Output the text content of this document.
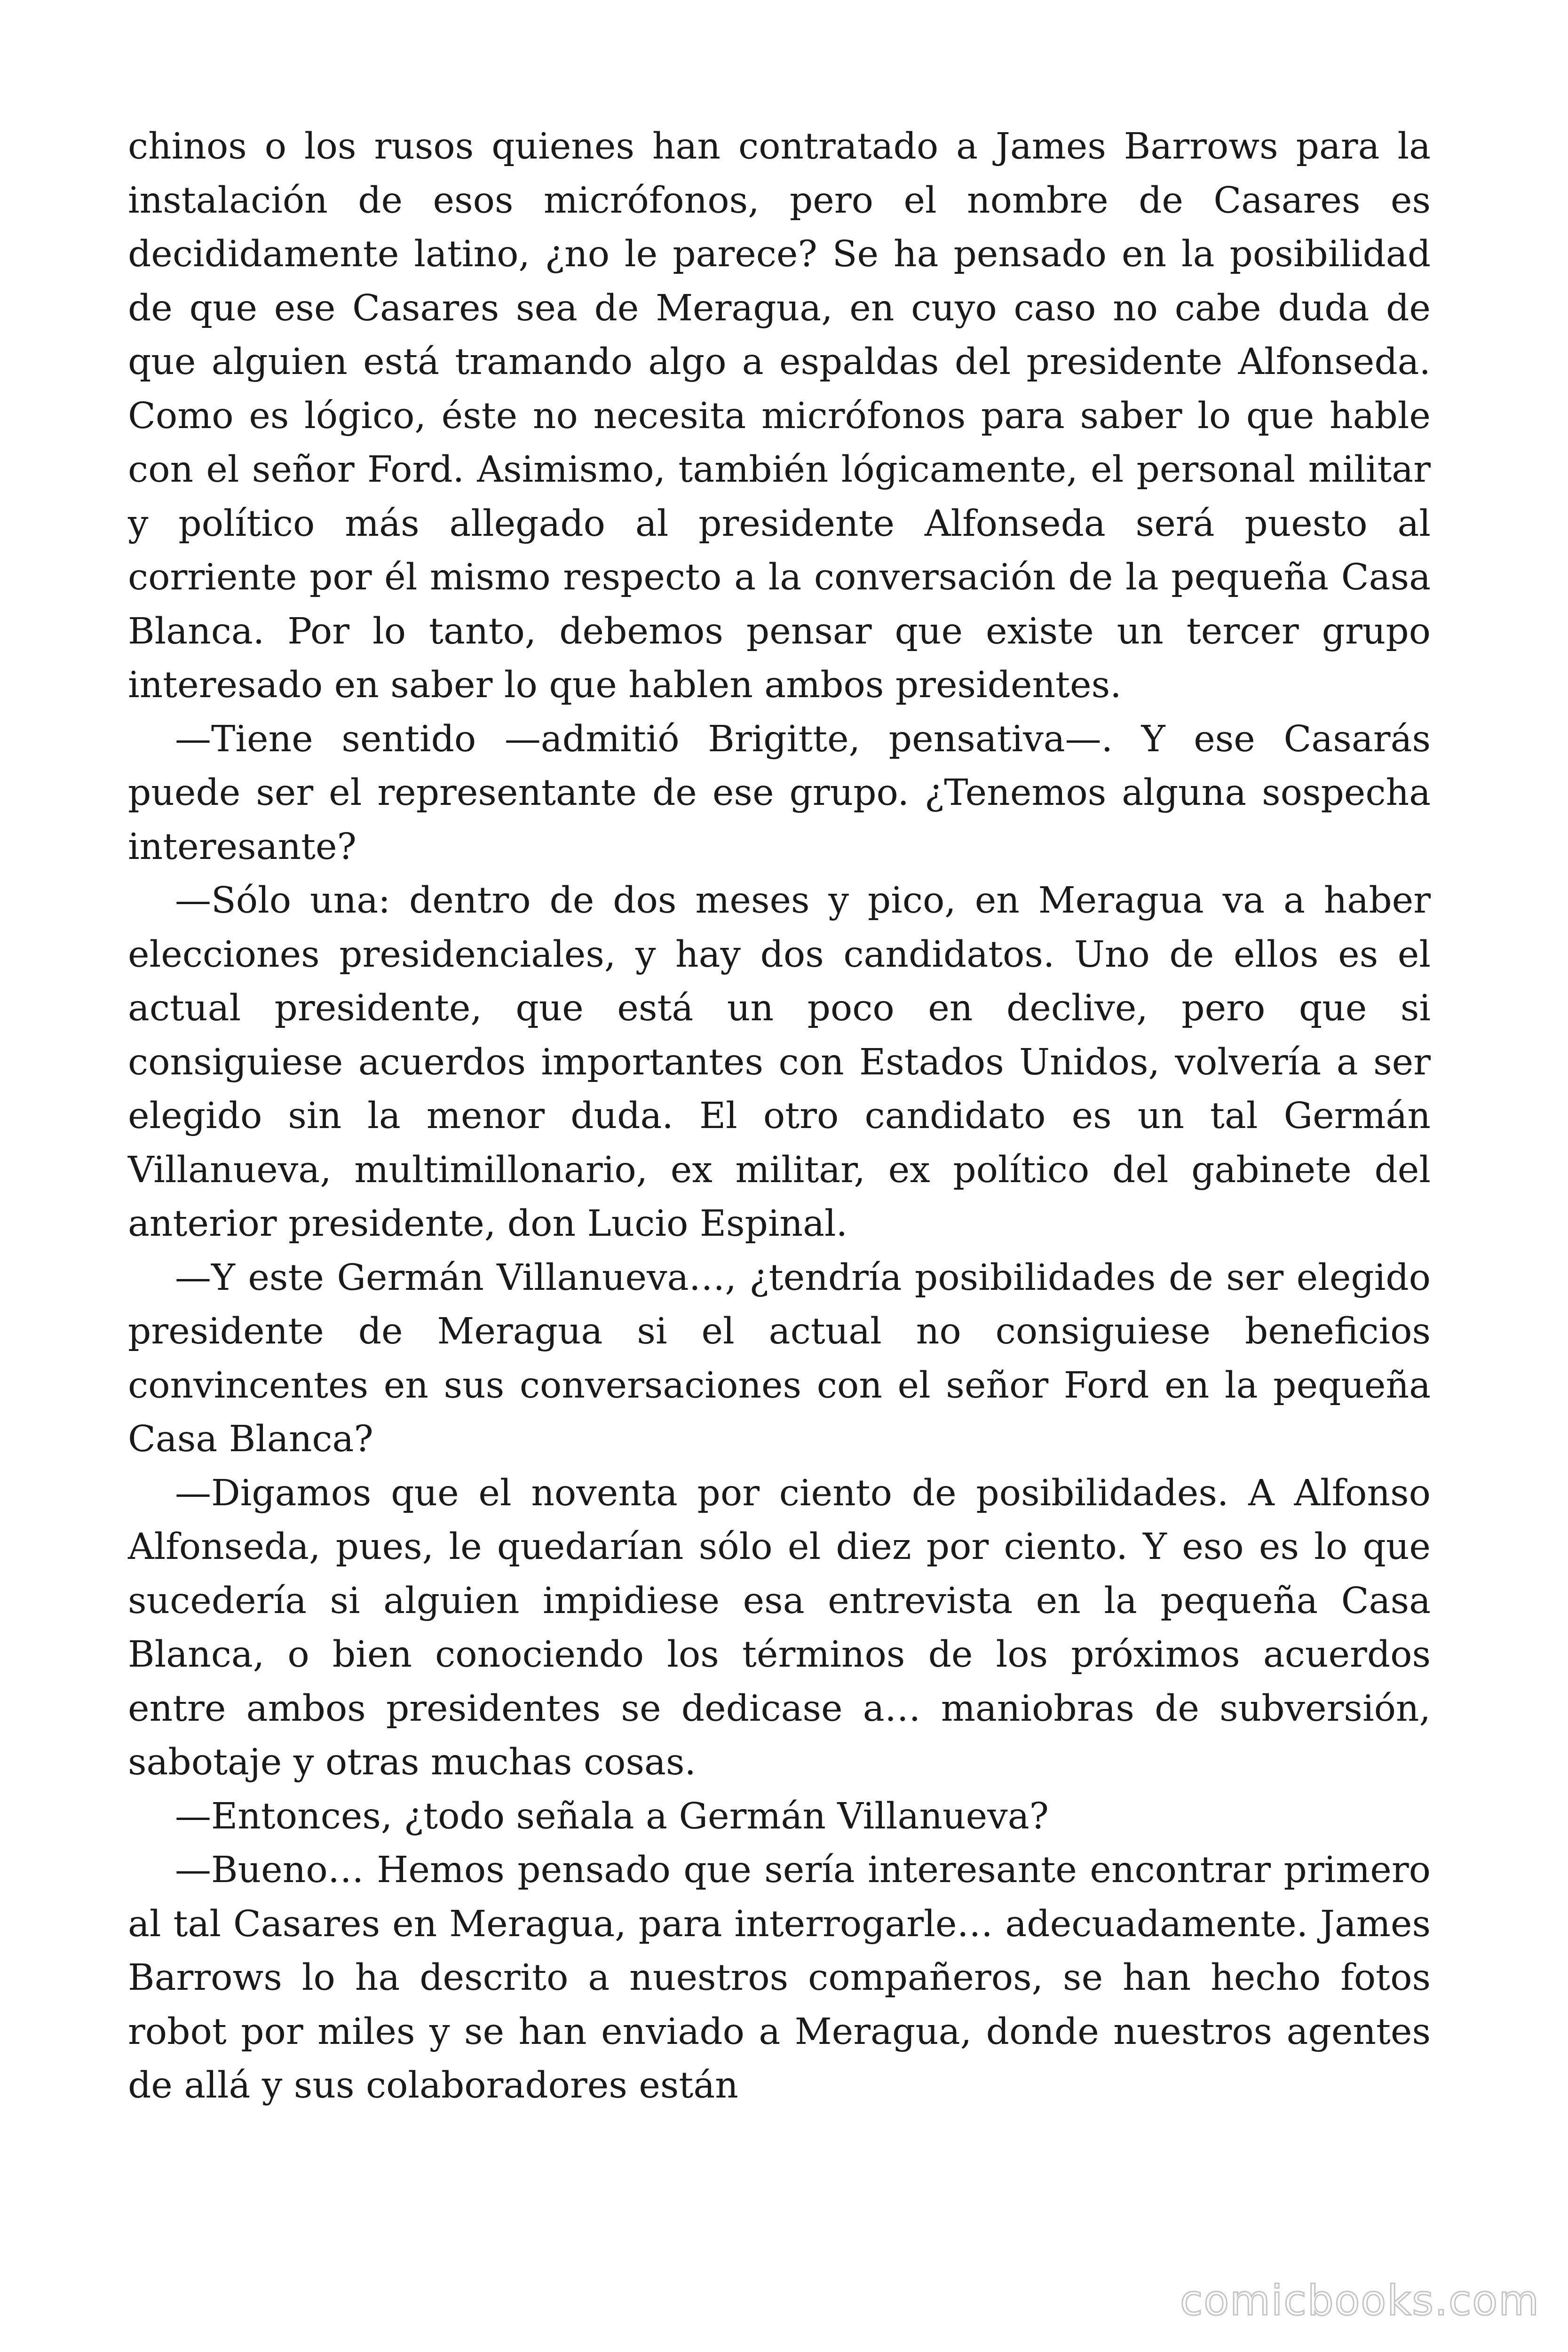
chinos o los rusos quienes han contratado a James Barrows para la instalación de esos micrófonos, pero el nombre de Casares es decididamente latino, ¿no le parece? Se ha pensado en la posibilidad de que ese Casares sea de Meragua, en cuyo caso no cabe duda de que alguien está tramando algo a espaldas del presidente Alfonseda. Como es lógico, éste no necesita micrófonos para saber lo que hable con el señor Ford. Asimismo, también lógicamente, el personal militar y político más allegado al presidente Alfonseda será puesto al corriente por él mismo respecto a la conversación de la pequeña Casa Blanca. Por lo tanto, debemos pensar que existe un tercer grupo interesado en saber lo que hablen ambos presidentes.

—Tiene sentido —admitió Brigitte, pensativa—. Y ese Casarás puede ser el representante de ese grupo. ¿Tenemos alguna sospecha interesante?

—Sólo una: dentro de dos meses y pico, en Meragua va a haber elecciones presidenciales, y hay dos candidatos. Uno de ellos es el actual presidente, que está un poco en declive, pero que si consiguiese acuerdos importantes con Estados Unidos, volvería a ser elegido sin la menor duda. El otro candidato es un tal Germán Villanueva, multimillonario, ex militar, ex político del gabinete del anterior presidente, don Lucio Espinal.

—Y este Germán Villanueva…, ¿tendría posibilidades de ser elegido presidente de Meragua si el actual no consiguiese beneficios convincentes en sus conversaciones con el señor Ford en la pequeña Casa Blanca?

—Digamos que el noventa por ciento de posibilidades. A Alfonso Alfonseda, pues, le quedarían sólo el diez por ciento. Y eso es lo que sucedería si alguien impidiese esa entrevista en la pequeña Casa Blanca, o bien conociendo los términos de los próximos acuerdos entre ambos presidentes se dedicase a… maniobras de subversión, sabotaje y otras muchas cosas.

—Entonces, ¿todo señala a Germán Villanueva?

—Bueno… Hemos pensado que sería interesante encontrar primero al tal Casares en Meragua, para interrogarle… adecuadamente. James Barrows lo ha descrito a nuestros compañeros, se han hecho fotos robot por miles y se han enviado a Meragua, donde nuestros agentes de allá y sus colaboradores están

comicbooks.com
